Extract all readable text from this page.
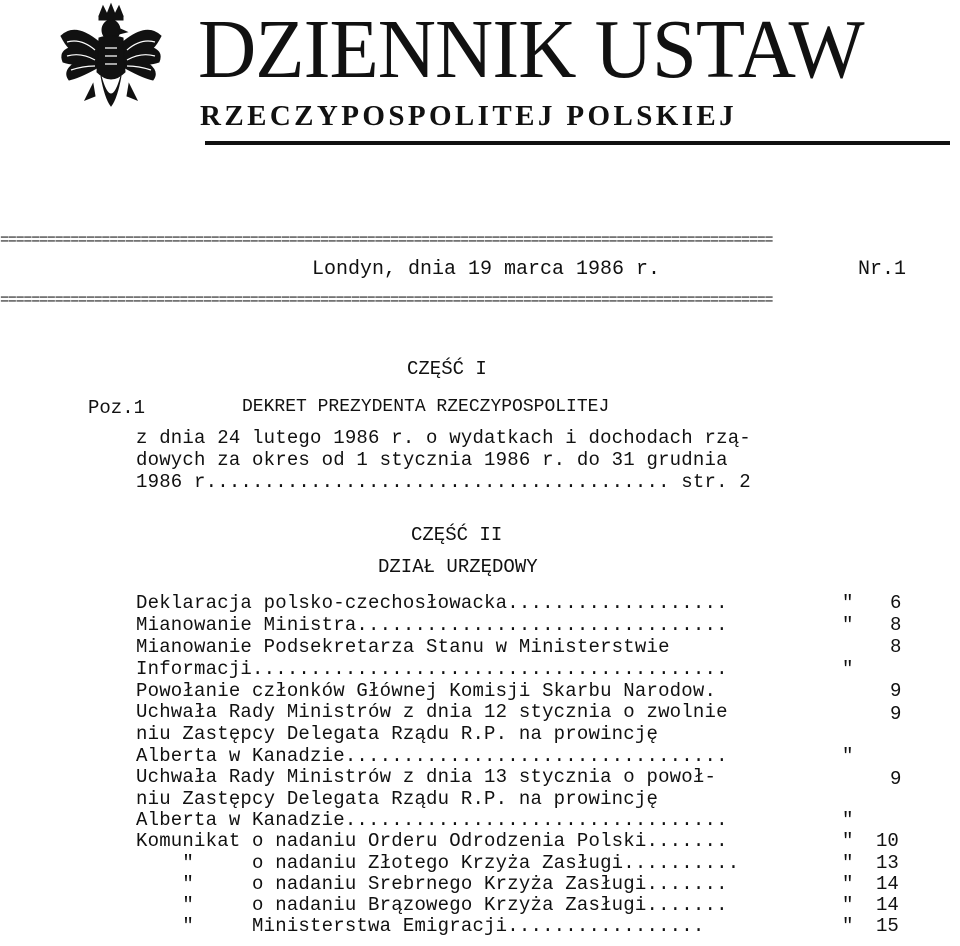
DZIENNIK USTAW
RZECZYPOSPOLITEJ POLSKIEJ
===================================================================================================
Londyn, dnia 19 marca 1986 r.	Nr.1
===================================================================================================
CZĘŚĆ I
Poz.1	DEKRET PREZYDENTA RZECZYPOSPOLITEJ
z dnia 24 lutego 1986 r. o wydatkach i dochodach rzą-
dowych za okres od 1 stycznia 1986 r. do 31 grudnia
1986 r........................................ str. 2
CZĘŚĆ II
DZIAŁ URZĘDOWY
Deklaracja polsko-czechosłowacka...................	" 6
Mianowanie Ministra................................	" 8
Mianowanie Podsekretarza Stanu w Ministerstwie	8
Informacji.........................................	"
Powołanie członków Głównej Komisji Skarbu Narodow.	9
Uchwała Rady Ministrów z dnia 12 stycznia o zwolnie	9
niu Zastępcy Delegata Rządu R.P. na prowincję
Alberta w Kanadzie.................................	"
Uchwała Rady Ministrów z dnia 13 stycznia o powoł-	9
niu Zastępcy Delegata Rządu R.P. na prowincję
Alberta w Kanadzie.................................	"
Komunikat o nadaniu Orderu Odrodzenia Polski.......	" 10
"     o nadaniu Złotego Krzyża Zasługi..........	" 13
"     o nadaniu Srebrnego Krzyża Zasługi.......	" 14
"     o nadaniu Brązowego Krzyża Zasługi.......	" 14
"     Ministerstwa Emigracji.................	" 15
